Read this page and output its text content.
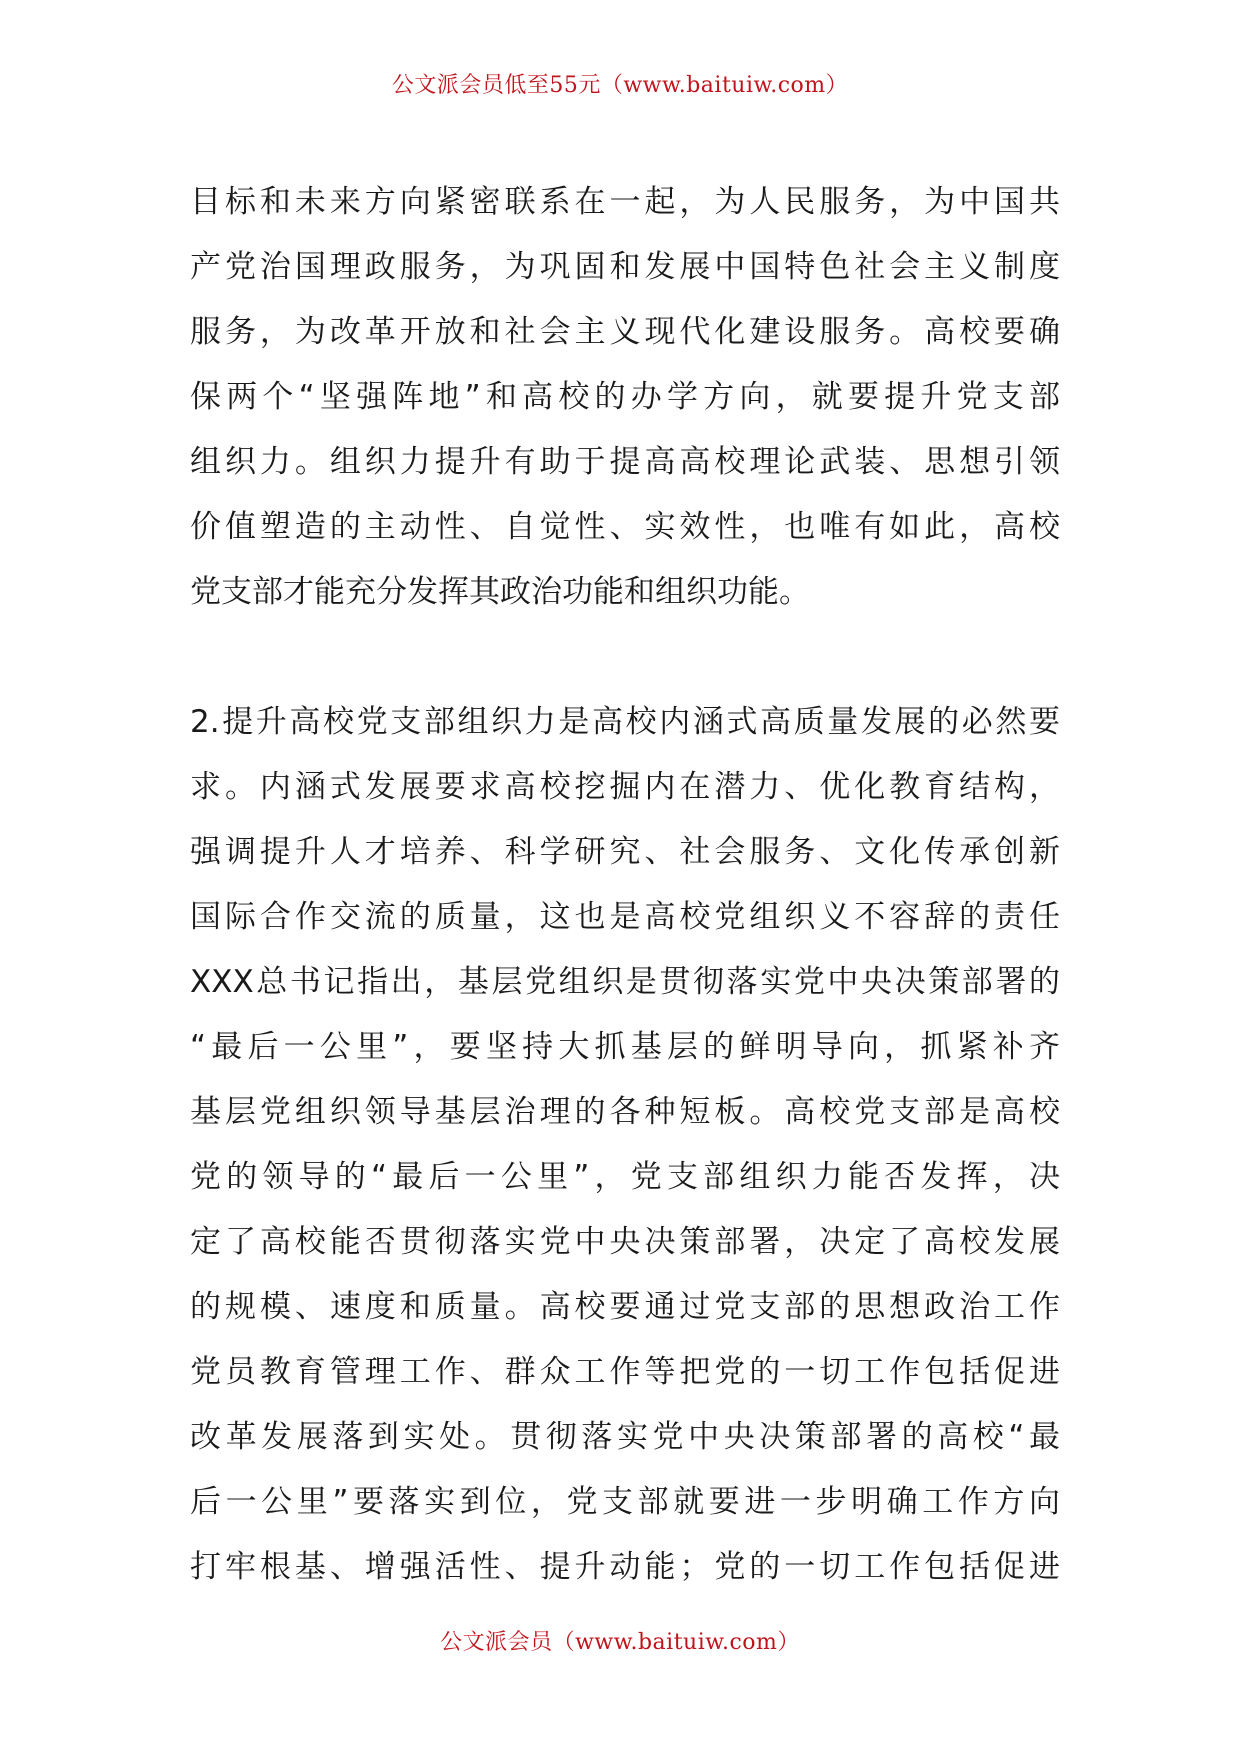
公文派会员低至55元（www.baituiw.com）
目标和未来方向紧密联系在一起，为人民服务，为中国共
产党治国理政服务，为巩固和发展中国特色社会主义制度
服务，为改革开放和社会主义现代化建设服务。高校要确
保两个“坚强阵地”和高校的办学方向，就要提升党支部
组织力。组织力提升有助于提高高校理论武装、思想引领
价值塑造的主动性、自觉性、实效性，也唯有如此，高校
党支部才能充分发挥其政治功能和组织功能。
2.提升高校党支部组织力是高校内涵式高质量发展的必然要
求。内涵式发展要求高校挖掘内在潜力、优化教育结构，
强调提升人才培养、科学研究、社会服务、文化传承创新
国际合作交流的质量，这也是高校党组织义不容辞的责任
XXX总书记指出，基层党组织是贯彻落实党中央决策部署的
“最后一公里”，要坚持大抓基层的鲜明导向，抓紧补齐
基层党组织领导基层治理的各种短板。高校党支部是高校
党的领导的“最后一公里”，党支部组织力能否发挥，决
定了高校能否贯彻落实党中央决策部署，决定了高校发展
的规模、速度和质量。高校要通过党支部的思想政治工作
党员教育管理工作、群众工作等把党的一切工作包括促进
改革发展落到实处。贯彻落实党中央决策部署的高校“最
后一公里”要落实到位，党支部就要进一步明确工作方向
打牢根基、增强活性、提升动能；党的一切工作包括促进
公文派会员（www.baituiw.com）
